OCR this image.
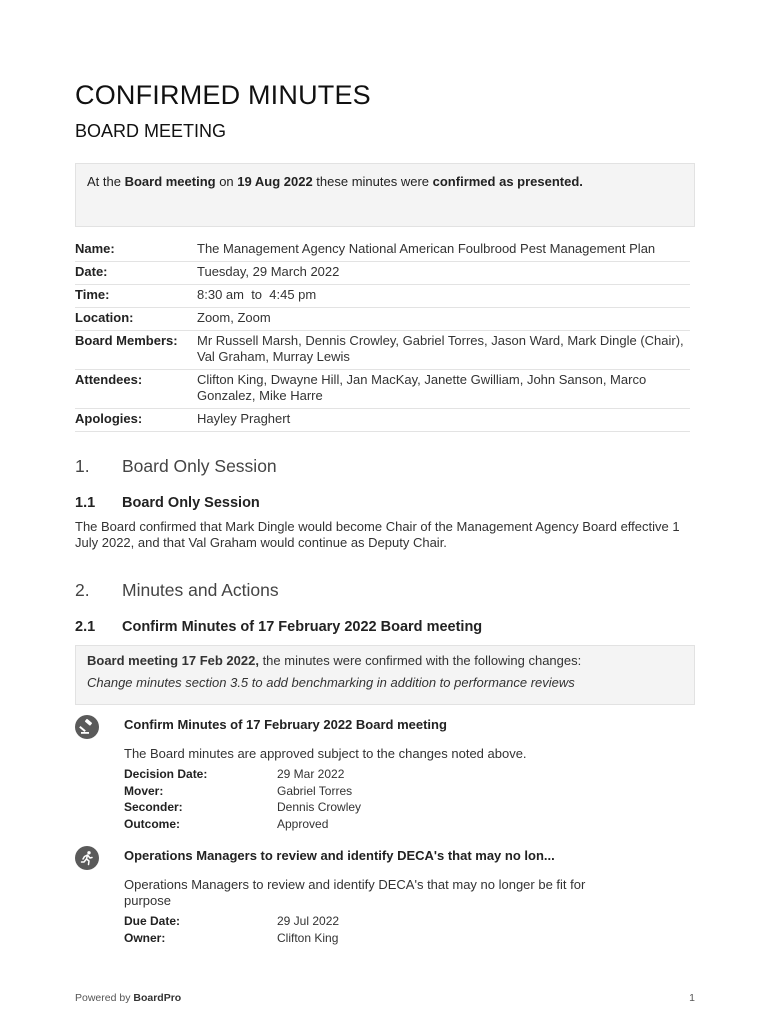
CONFIRMED MINUTES
BOARD MEETING
At the Board meeting on 19 Aug 2022 these minutes were confirmed as presented.
Name:	The Management Agency National American Foulbrood Pest Management Plan
Date:	Tuesday, 29 March 2022
Time:	8:30 am  to  4:45 pm
Location:	Zoom, Zoom
Board Members:	Mr Russell Marsh, Dennis Crowley, Gabriel Torres, Jason Ward, Mark Dingle (Chair), Val Graham, Murray Lewis
Attendees:	Clifton King, Dwayne Hill, Jan MacKay, Janette Gwilliam, John Sanson, Marco Gonzalez, Mike Harre
Apologies:	Hayley Praghert
1.	Board Only Session
1.1	Board Only Session
The Board confirmed that Mark Dingle would become Chair of the Management Agency Board effective 1 July 2022, and that Val Graham would continue as Deputy Chair.
2.	Minutes and Actions
2.1	Confirm Minutes of 17 February 2022 Board meeting
Board meeting 17 Feb 2022, the minutes were confirmed with the following changes:
Change minutes section 3.5 to add benchmarking in addition to performance reviews
Confirm Minutes of 17 February 2022 Board meeting
The Board minutes are approved subject to the changes noted above.
Decision Date:	29 Mar 2022
Mover:	Gabriel Torres
Seconder:	Dennis Crowley
Outcome:	Approved
Operations Managers to review and identify DECA's that may no lon...
Operations Managers to review and identify DECA's that may no longer be fit for purpose
Due Date:	29 Jul 2022
Owner:	Clifton King
Powered by BoardPro	1
